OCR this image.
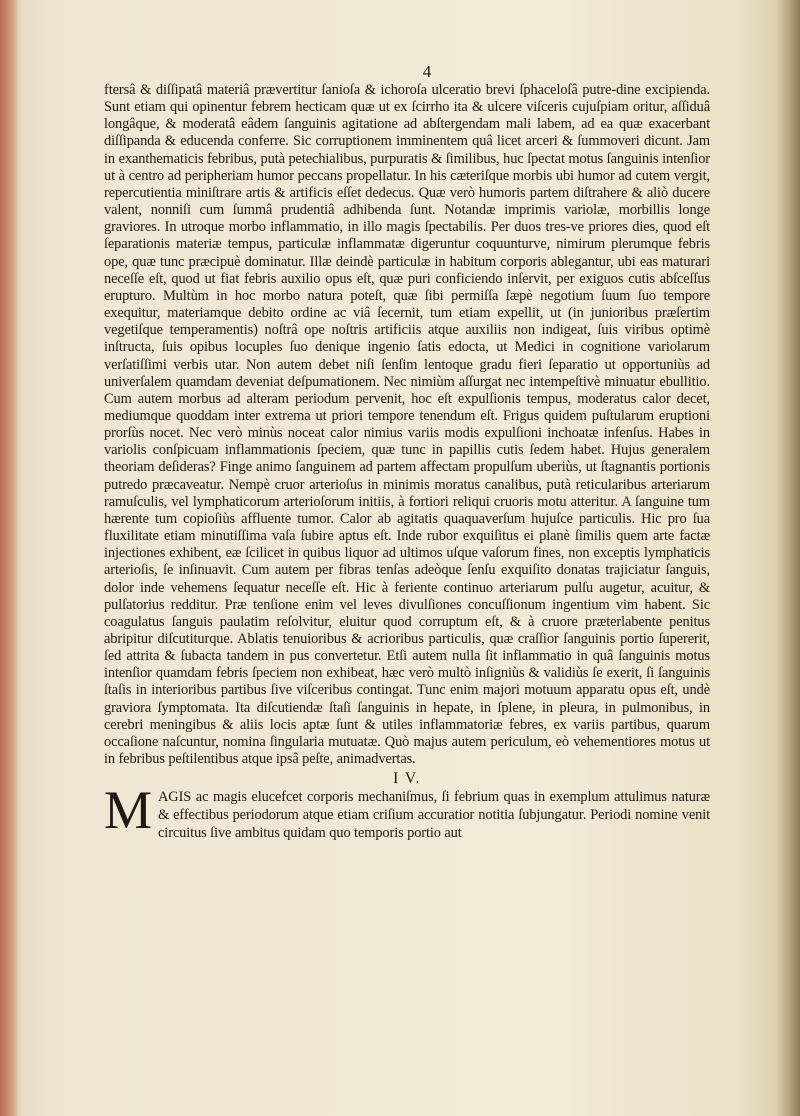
4

ftersâ & diſſipatâ materiâ prævertitur ſanioſa & ichoroſa ulceratio brevi ſphaceloſâ putre-dine excipienda. Sunt etiam qui opinentur febrem hecticam quæ ut ex ſcirrho ita & ulcere viſceris cujuſpiam oritur, aſſiduâ longâque, & moderatâ eâdem ſanguinis agitatione ad abſtergendam mali labem, ad ea quæ exacerbant diſſipanda & educenda conferre. Sic corruptionem imminentem quâ licet arceri & ſummoveri dicunt. Jam in exanthematicis febribus, putà petechialibus, purpuratis & ſimilibus, huc ſpectat motus ſanguinis intenſior ut à centro ad peripheriam humor peccans propellatur. In his cæteriſque morbis ubi humor ad cutem vergit, repercutientia miniſtrare artis & artificis eſſet dedecus. Quæ verò humoris partem diſtrahere & aliò ducere valent, nonniſi cum ſummâ prudentiâ adhibenda ſunt. Notandæ imprimis variolæ, morbillis longe graviores. In utroque morbo inflammatio, in illo magis ſpectabilis. Per duos tres-ve priores dies, quod eſt ſeparationis materiæ tempus, particulæ inflammatæ digeruntur coquunturve, nimirum plerumque febris ope, quæ tunc præcipuè dominatur. Illæ deindè particulæ in habitum corporis ablegantur, ubi eas maturari neceſſe eſt, quod ut fiat febris auxilio opus eſt, quæ puri conficiendo inſervit, per exiguos cutis abſceſſus erupturo. Multùm in hoc morbo natura poteſt, quæ ſibi permiſſa ſæpè negotium ſuum ſuo tempore exequitur, materiamque debito ordine ac viâ ſecernit, tum etiam expellit, ut (in junioribus præſertim vegetiſque temperamentis) noſtrâ ope noſtris artificiis atque auxiliis non indigeat, ſuis viribus optimè inſtructa, ſuis opibus locuples ſuo denique ingenio ſatis edocta, ut Medici in cognitione variolarum verſatiſſimi verbis utar. Non autem debet niſi ſenſim lentoque gradu fieri ſeparatio ut opportuniùs ad univerſalem quamdam deveniat deſpumationem. Nec nimiùm aſſurgat nec intempeſtivè minuatur ebullitio. Cum autem morbus ad alteram periodum pervenit, hoc eſt expulſionis tempus, moderatus calor decet, mediumque quoddam inter extrema ut priori tempore tenendum eſt. Frigus quidem puſtularum eruptioni prorſùs nocet. Nec verò minùs noceat calor nimius variis modis expulſioni inchoatæ infenſus. Habes in variolis conſpicuam inflammationis ſpeciem, quæ tunc in papillis cutis ſedem habet. Hujus generalem theoriam deſideras? Finge animo ſanguinem ad partem affectam propulſum uberiùs, ut ſtagnantis portionis putredo præcaveatur. Nempè cruor arterioſus in minimis moratus canalibus, putà reticularibus arteriarum ramuſculis, vel lymphaticorum arterioſorum initiis, à fortiori reliqui cruoris motu atteritur. A ſanguine tum hærente tum copioſiùs affluente tumor. Calor ab agitatis quaquaverſum hujuſce particulis. Hic pro ſua fluxilitate etiam minutiſſima vaſa ſubire aptus eſt. Inde rubor exquiſitus ei planè ſimilis quem arte factæ injectiones exhibent, eæ ſcilicet in quibus liquor ad ultimos uſque vaſorum fines, non exceptis lymphaticis arterioſis, ſe inſinuavit. Cum autem per fibras tenſas adeòque ſenſu exquiſito donatas trajiciatur ſanguis, dolor inde vehemens ſequatur neceſſe eſt. Hic à feriente continuo arteriarum pulſu augetur, acuitur, & pulſatorius redditur. Præ tenſione enim vel leves divulſiones concuſſionum ingentium vim habent. Sic coagulatus ſanguis paulatim reſolvitur, eluitur quod corruptum eſt, & à cruore præterlabente penitus abripitur diſcutiturque. Ablatis tenuioribus & acrioribus particulis, quæ craſſior ſanguinis portio ſupererit, ſed attrita & ſubacta tandem in pus convertetur. Etſi autem nulla ſit inflammatio in quâ ſanguinis motus intenſior quamdam febris ſpeciem non exhibeat, hæc verò multò inſigniùs & validiùs ſe exerit, ſi ſanguinis ſtaſis in interioribus partibus ſive viſceribus contingat. Tunc enim majori motuum apparatu opus eſt, undè graviora ſymptomata. Ita diſcutiendæ ſtaſi ſanguinis in hepate, in ſplene, in pleura, in pulmonibus, in cerebri meningibus & aliis locis aptæ ſunt & utiles inflammatoriæ febres, ex variis partibus, quarum occaſione naſcuntur, nomina ſingularia mutuatæ. Quò majus autem periculum, eò vehementiores motus ut in febribus peſtilentibus atque ipsâ peſte, animadvertas.

I V.
M AGIS ac magis elucefcet corporis mechaniſmus, ſi febrium quas in exemplum attulimus naturæ & effectibus periodorum atque etiam criſium accuratior notitia ſubjungatur. Periodi nomine venit circuitus ſive ambitus quidam quo temporis portio aut
